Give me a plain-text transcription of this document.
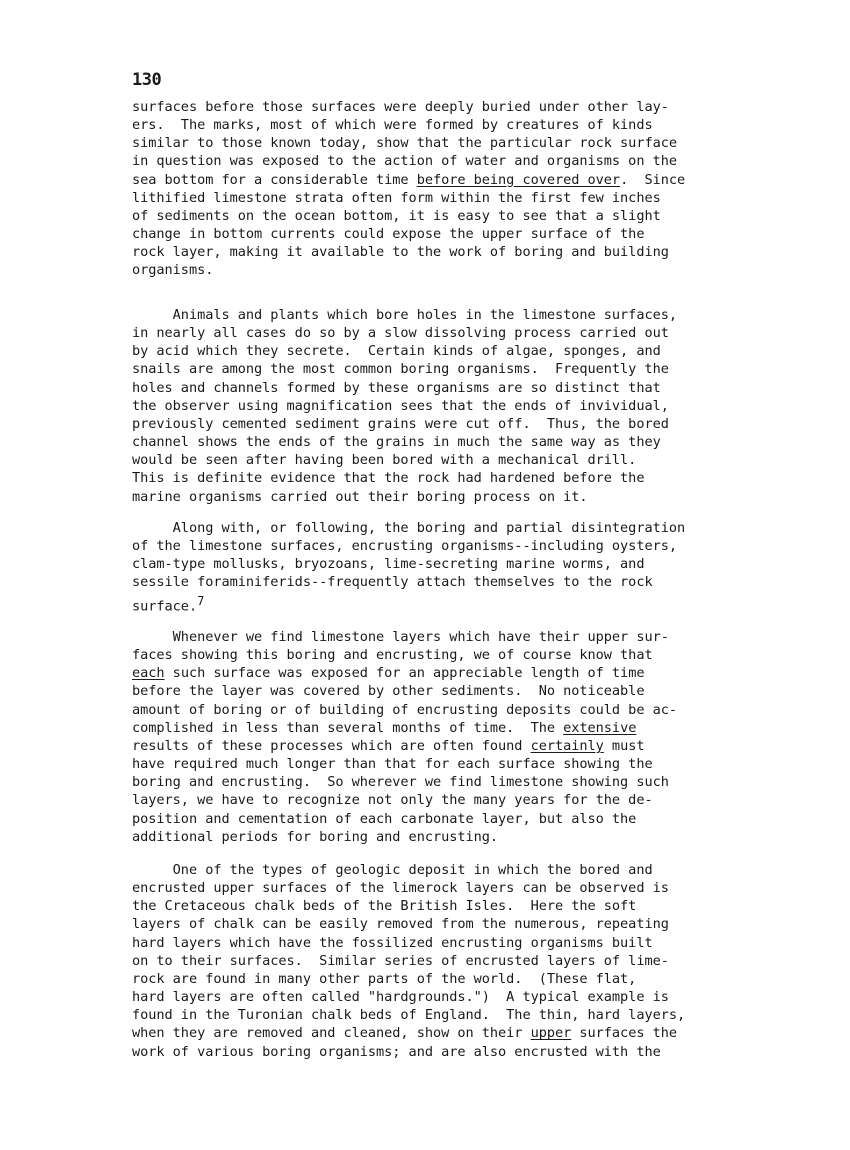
130
surfaces before those surfaces were deeply buried under other lay-
ers.  The marks, most of which were formed by creatures of kinds
similar to those known today, show that the particular rock surface
in question was exposed to the action of water and organisms on the
sea bottom for a considerable time before being covered over.  Since
lithified limestone strata often form within the first few inches
of sediments on the ocean bottom, it is easy to see that a slight
change in bottom currents could expose the upper surface of the
rock layer, making it available to the work of boring and building
organisms.
Animals and plants which bore holes in the limestone surfaces,
in nearly all cases do so by a slow dissolving process carried out
by acid which they secrete.  Certain kinds of algae, sponges, and
snails are among the most common boring organisms.  Frequently the
holes and channels formed by these organisms are so distinct that
the observer using magnification sees that the ends of invividual,
previously cemented sediment grains were cut off.  Thus, the bored
channel shows the ends of the grains in much the same way as they
would be seen after having been bored with a mechanical drill.
This is definite evidence that the rock had hardened before the
marine organisms carried out their boring process on it.
Along with, or following, the boring and partial disintegration
of the limestone surfaces, encrusting organisms--including oysters,
clam-type mollusks, bryozoans, lime-secreting marine worms, and
sessile foraminiferids--frequently attach themselves to the rock
surface.$^7$
Whenever we find limestone layers which have their upper sur-
faces showing this boring and encrusting, we of course know that
each such surface was exposed for an appreciable length of time
before the layer was covered by other sediments.  No noticeable
amount of boring or of building of encrusting deposits could be ac-
complished in less than several months of time.  The extensive
results of these processes which are often found certainly must
have required much longer than that for each surface showing the
boring and encrusting.  So wherever we find limestone showing such
layers, we have to recognize not only the many years for the de-
position and cementation of each carbonate layer, but also the
additional periods for boring and encrusting.
One of the types of geologic deposit in which the bored and
encrusted upper surfaces of the limerock layers can be observed is
the Cretaceous chalk beds of the British Isles.  Here the soft
layers of chalk can be easily removed from the numerous, repeating
hard layers which have the fossilized encrusting organisms built
on to their surfaces.  Similar series of encrusted layers of lime-
rock are found in many other parts of the world.  (These flat,
hard layers are often called "hardgrounds.")  A typical example is
found in the Turonian chalk beds of England.  The thin, hard layers,
when they are removed and cleaned, show on their upper surfaces the
work of various boring organisms; and are also encrusted with the
